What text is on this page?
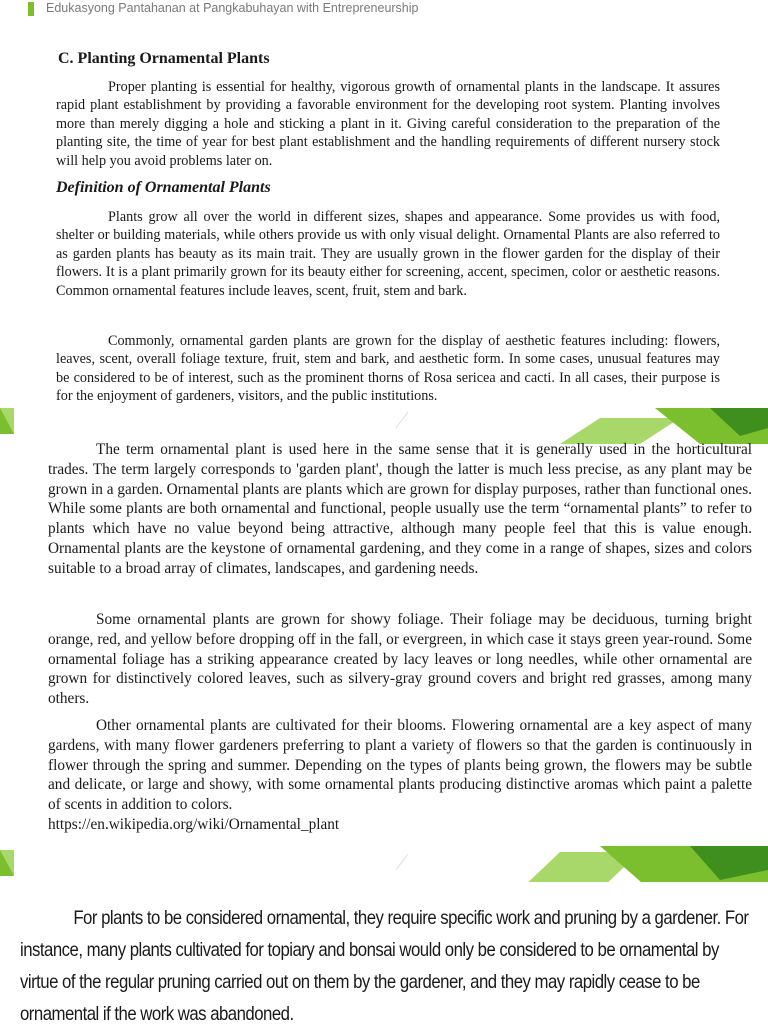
Edukasyong Pantahanan at Pangkabuhayan with Entrepreneurship
C. Planting Ornamental Plants

Proper planting is essential for healthy, vigorous growth of ornamental plants in the landscape. It assures rapid plant establishment by providing a favorable environment for the developing root system. Planting involves more than merely digging a hole and sticking a plant in it. Giving careful consideration to the preparation of the planting site, the time of year for best plant establishment and the handling requirements of different nursery stock will help you avoid problems later on.

Definition of Ornamental Plants

Plants grow all over the world in different sizes, shapes and appearance. Some provides us with food, shelter or building materials, while others provide us with only visual delight. Ornamental Plants are also referred to as garden plants has beauty as its main trait. They are usually grown in the flower garden for the display of their flowers. It is a plant primarily grown for its beauty either for screening, accent, specimen, color or aesthetic reasons. Common ornamental features include leaves, scent, fruit, stem and bark.

Commonly, ornamental garden plants are grown for the display of aesthetic features including: flowers, leaves, scent, overall foliage texture, fruit, stem and bark, and aesthetic form. In some cases, unusual features may be considered to be of interest, such as the prominent thorns of Rosa sericea and cacti. In all cases, their purpose is for the enjoyment of gardeners, visitors, and the public institutions.

The term ornamental plant is used here in the same sense that it is generally used in the horticultural trades. The term largely corresponds to 'garden plant', though the latter is much less precise, as any plant may be grown in a garden. Ornamental plants are plants which are grown for display purposes, rather than functional ones. While some plants are both ornamental and functional, people usually use the term “ornamental plants” to refer to plants which have no value beyond being attractive, although many people feel that this is value enough. Ornamental plants are the keystone of ornamental gardening, and they come in a range of shapes, sizes and colors suitable to a broad array of climates, landscapes, and gardening needs.

Some ornamental plants are grown for showy foliage. Their foliage may be deciduous, turning bright orange, red, and yellow before dropping off in the fall, or evergreen, in which case it stays green year-round. Some ornamental foliage has a striking appearance created by lacy leaves or long needles, while other ornamental are grown for distinctively colored leaves, such as silvery-gray ground covers and bright red grasses, among many others.

Other ornamental plants are cultivated for their blooms. Flowering ornamental are a key aspect of many gardens, with many flower gardeners preferring to plant a variety of flowers so that the garden is continuously in flower through the spring and summer. Depending on the types of plants being grown, the flowers may be subtle and delicate, or large and showy, with some ornamental plants producing distinctive aromas which paint a palette of scents in addition to colors.
https://en.wikipedia.org/wiki/Ornamental_plant

For plants to be considered ornamental, they require specific work and pruning by a gardener. For instance, many plants cultivated for topiary and bonsai would only be considered to be ornamental by virtue of the regular pruning carried out on them by the gardener, and they may rapidly cease to be ornamental if the work was abandoned.
